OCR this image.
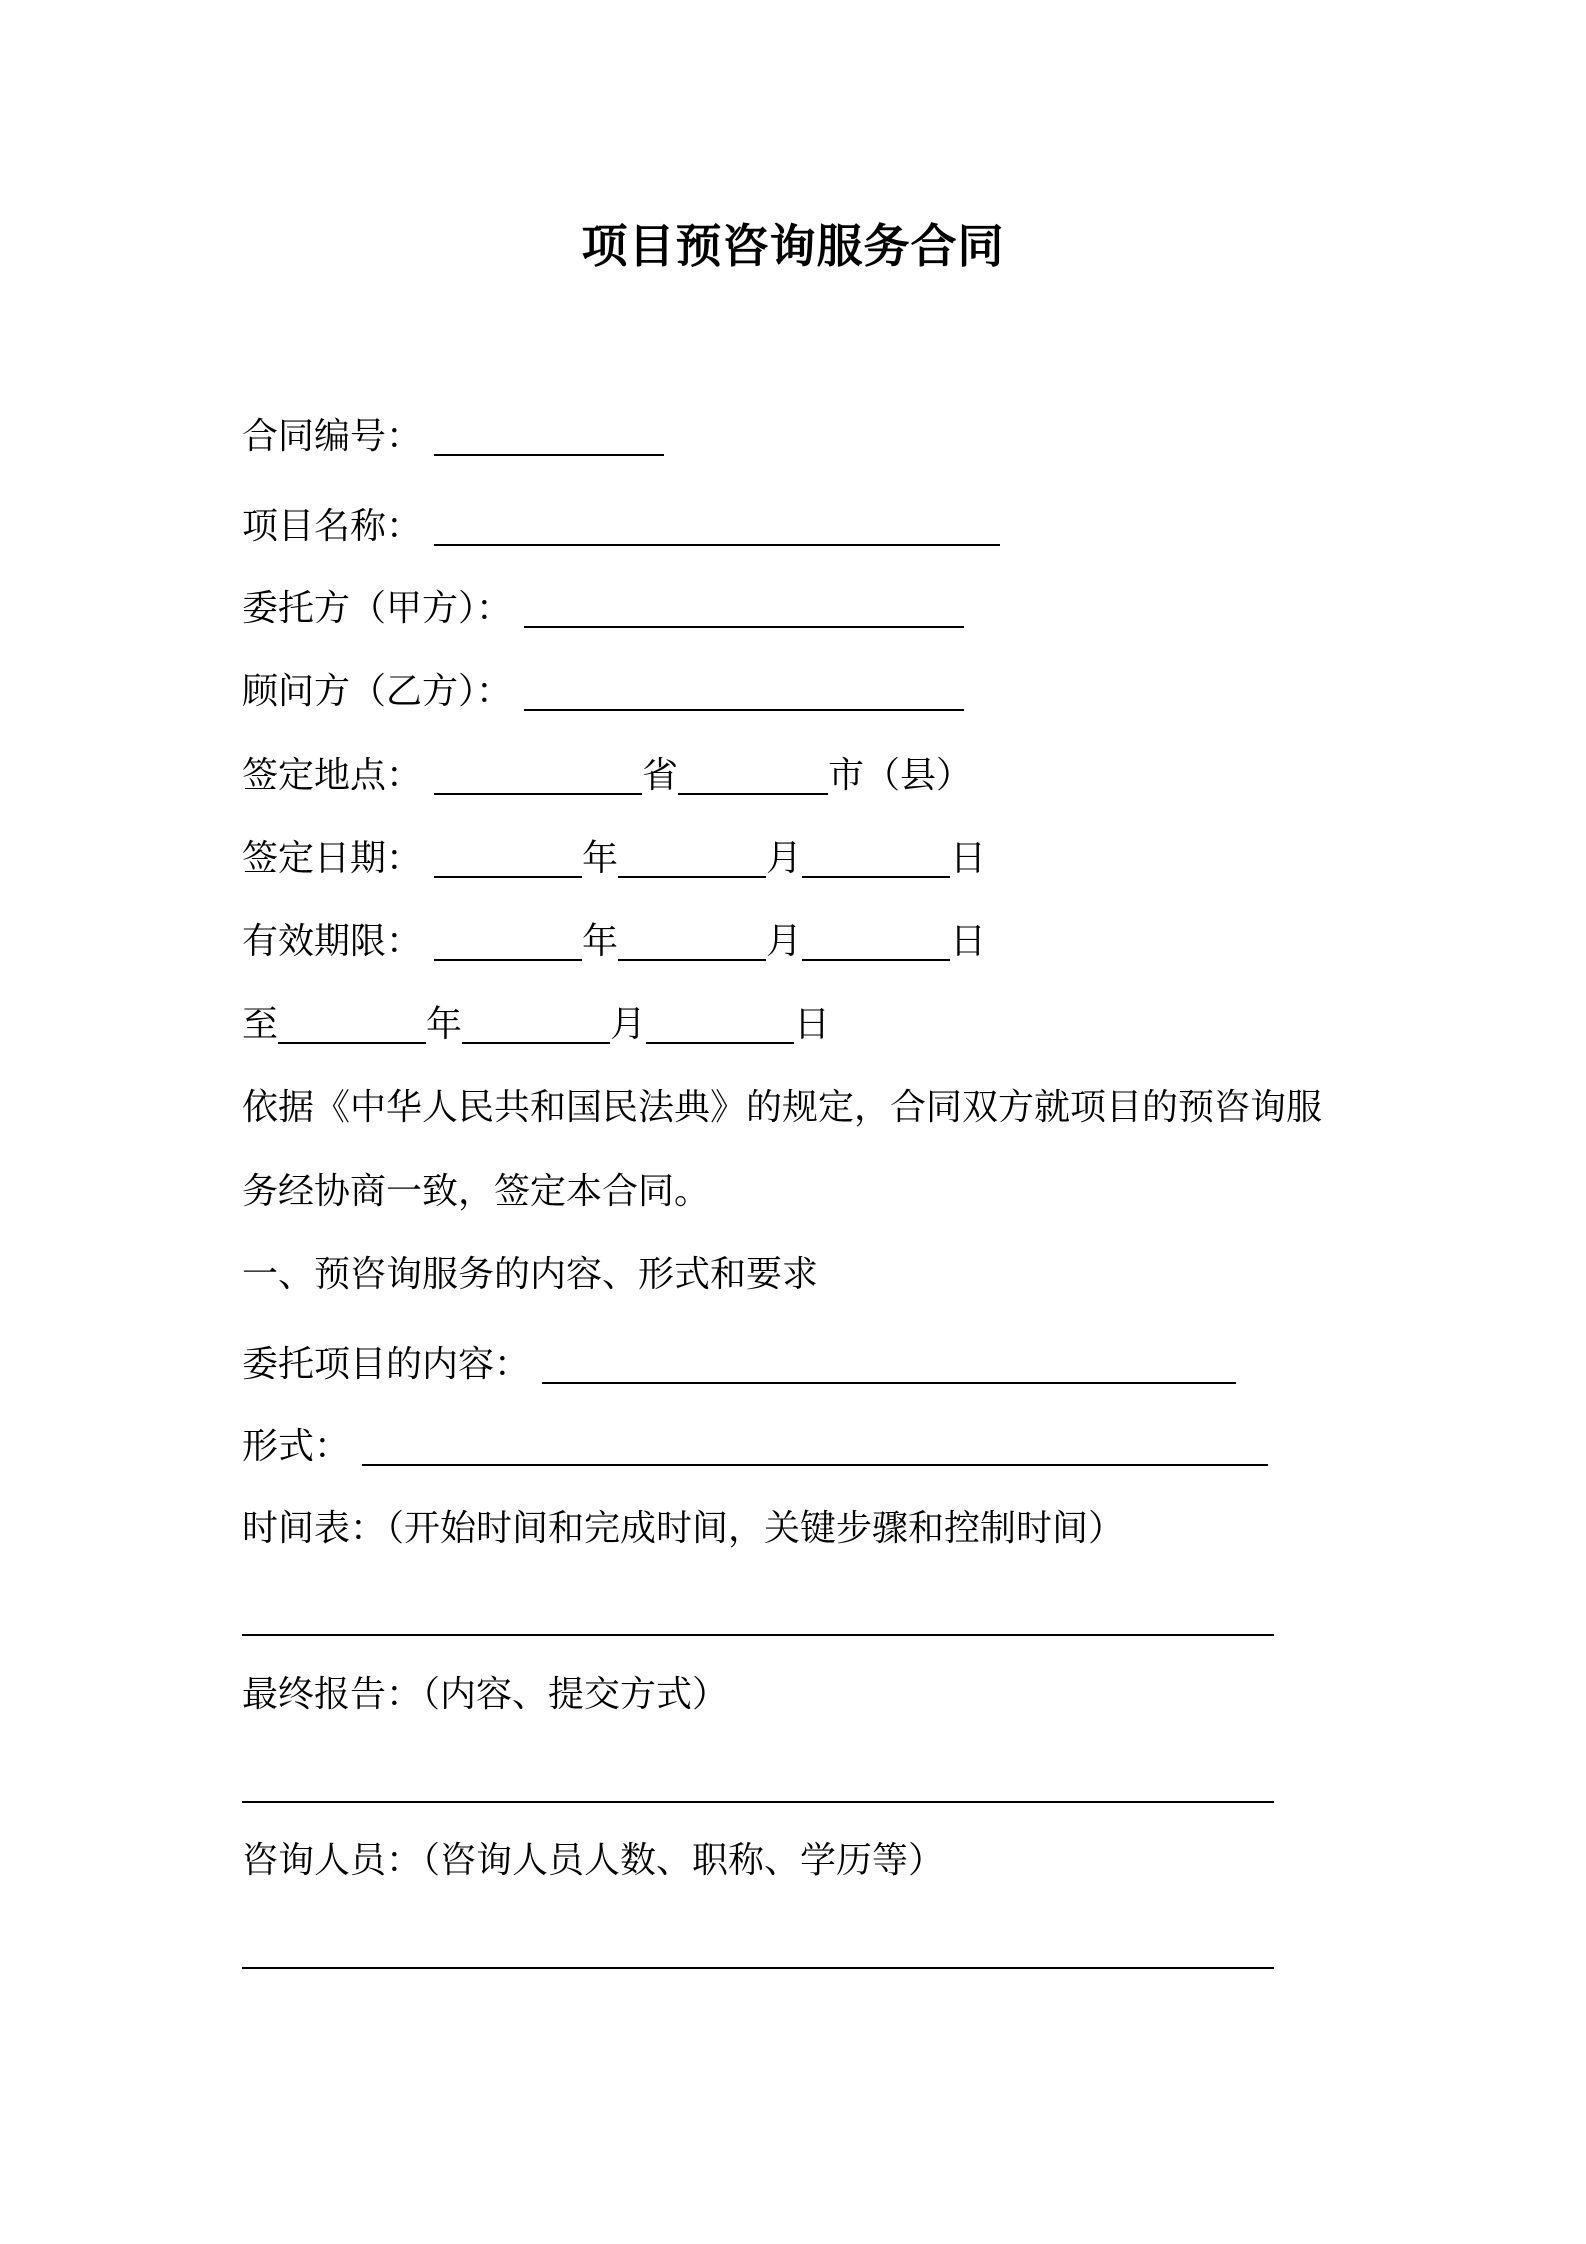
项目预咨询服务合同
合同编号：
项目名称：
委托方（甲方）：
顾问方（乙方）：
签定地点：	省	市（县）
签定日期：	年	月	日
有效期限：	年	月	日
至	年	月	日
依据《中华人民共和国民法典》的规定，合同双方就项目的预咨询服
务经协商一致，签定本合同。
一、预咨询服务的内容、形式和要求
委托项目的内容：
形式：
时间表：（开始时间和完成时间，关键步骤和控制时间）
最终报告：（内容、提交方式）
咨询人员：（咨询人员人数、职称、学历等）
